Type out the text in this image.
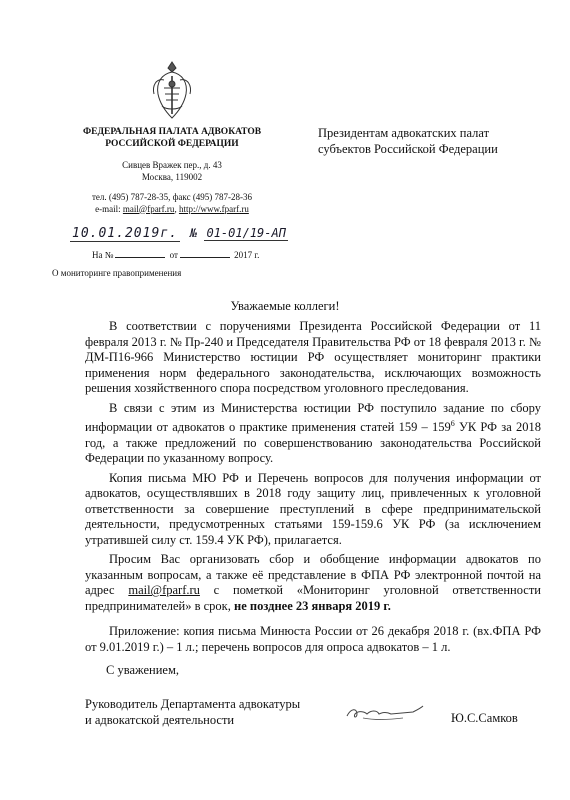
ФЕДЕРАЛЬНАЯ ПАЛАТА АДВОКАТОВ
РОССИЙСКОЙ ФЕДЕРАЦИИ
Сивцев Вражек пер., д. 43
Москва, 119002
тел. (495) 787-28-35, факс (495) 787-28-36
e-mail: mail@fparf.ru, http://www.fparf.ru
Президентам адвокатских палат
субъектов Российской Федерации
10.01.2019г. № 01-01/19-АП
На №	от	2017 г.
О мониторинге правоприменения
Уважаемые коллеги!

В соответствии с поручениями Президента Российской Федерации от 11 февраля 2013 г. № Пр-240 и Председателя Правительства РФ от 18 февраля 2013 г. № ДМ-П16-966 Министерство юстиции РФ осуществляет мониторинг практики применения норм федерального законодательства, исключающих возможность решения хозяйственного спора посредством уголовного преследования.

В связи с этим из Министерства юстиции РФ поступило задание по сбору информации от адвокатов о практике применения статей $159 - 159^6$ УК РФ за 2018 год, а также предложений по совершенствованию законодательства Российской Федерации по указанному вопросу.

Копия письма МЮ РФ и Перечень вопросов для получения информации от адвокатов, осуществлявших в 2018 году защиту лиц, привлеченных к уголовной ответственности за совершение преступлений в сфере предпринимательской деятельности, предусмотренных статьями 159-159.6 УК РФ (за исключением утратившей силу ст. 159.4 УК РФ), прилагается.

Просим Вас организовать сбор и обобщение информации адвокатов по указанным вопросам, а также её представление в ФПА РФ электронной почтой на адрес mail@fparf.ru с пометкой «Мониторинг уголовной ответственности предпринимателей» в срок, не позднее 23 января 2019 г.

Приложение: копия письма Минюста России от 26 декабря 2018 г. (вх.ФПА РФ от 9.01.2019 г.) – 1 л.; перечень вопросов для опроса адвокатов – 1 л.

С уважением,
Руководитель Департамента адвокатуры
и адвокатской деятельности	Ю.С.Самков
